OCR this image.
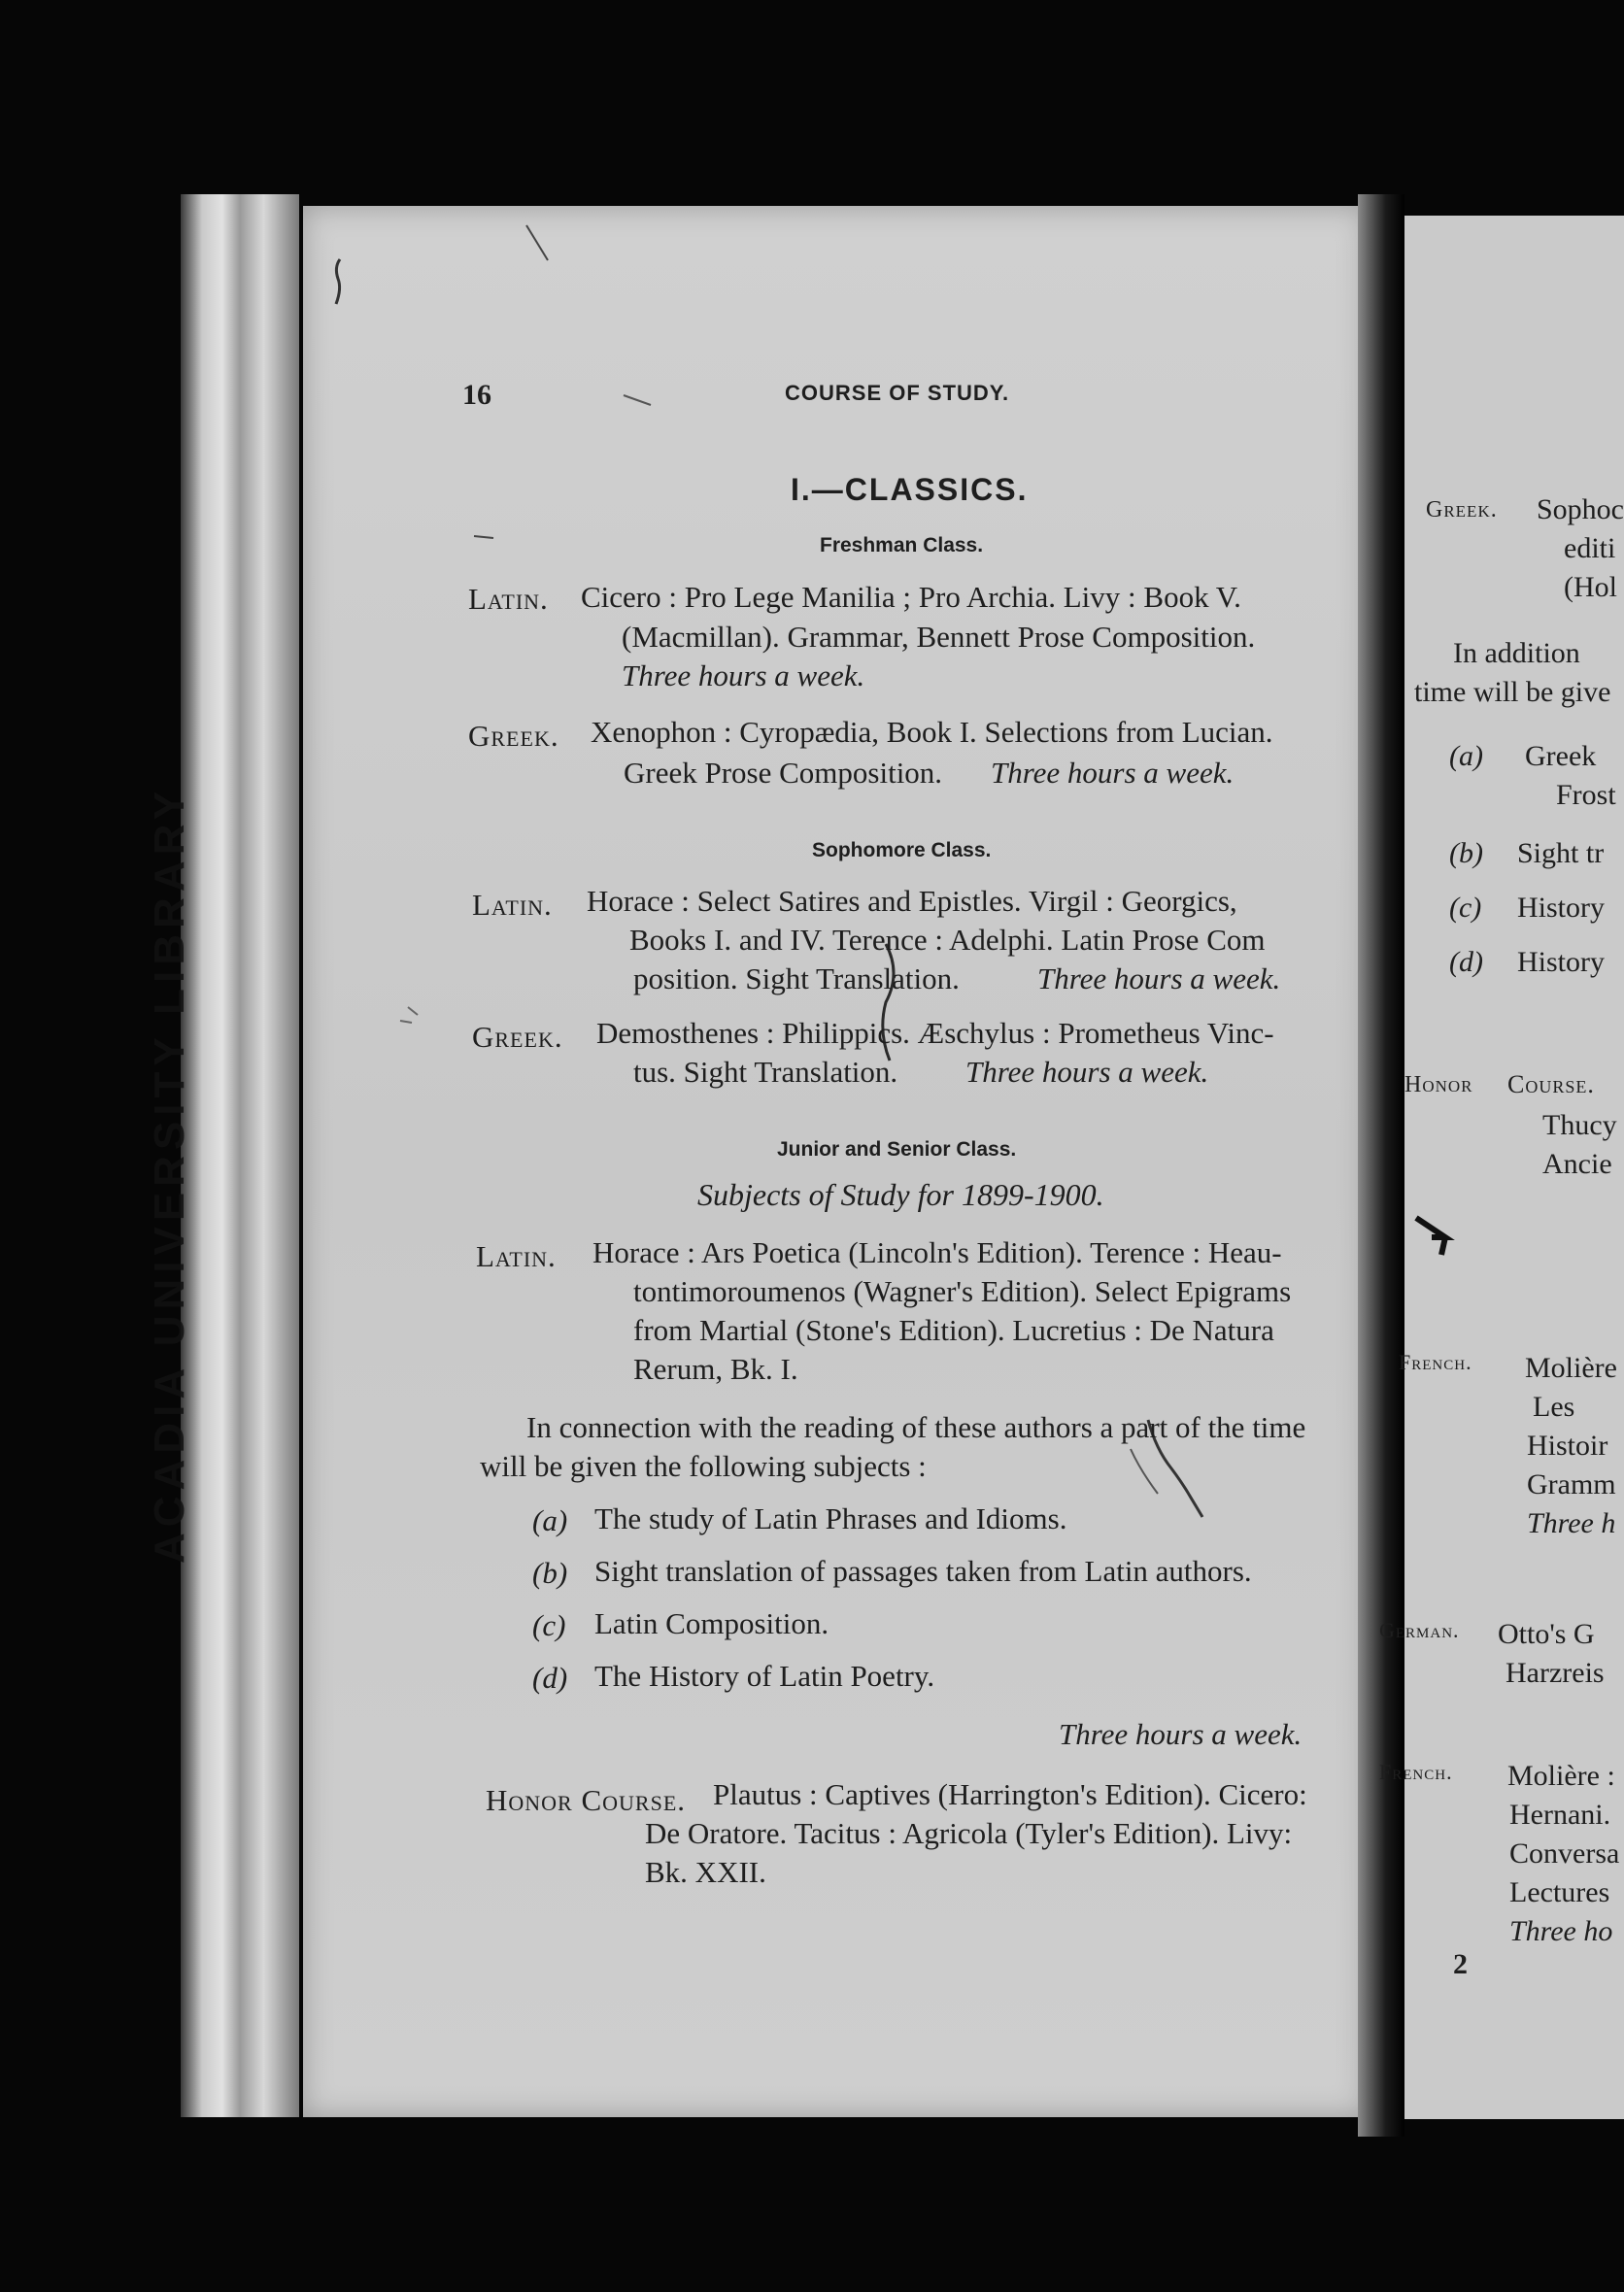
ACADIA UNIVERSITY LIBRARY
16	COURSE OF STUDY.
I.—CLASSICS.
Freshman Class.
Latin. Cicero : Pro Lege Manilia ; Pro Archia. Livy : Book V.
(Macmillan). Grammar, Bennett Prose Composition.
Three hours a week.
Greek. Xenophon : Cyropædia, Book I. Selections from Lucian.
Greek Prose Composition. Three hours a week.
Sophomore Class.
Latin. Horace : Select Satires and Epistles. Virgil : Georgics,
Books I. and IV. Terence : Adelphi. Latin Prose Com
position. Sight Translation.	Three hours a week.
Greek. Demosthenes : Philippics. Æschylus : Prometheus Vinc-
tus. Sight Translation. Three hours a week.
Junior and Senior Class.
Subjects of Study for 1899-1900.
Latin. Horace : Ars Poetica (Lincoln's Edition). Terence : Heau-
tontimoroumenos (Wagner's Edition). Select Epigrams
from Martial (Stone's Edition). Lucretius : De Natura
Rerum, Bk. I.
In connection with the reading of these authors a part of the time
will be given the following subjects :
(a) The study of Latin Phrases and Idioms.
(b) Sight translation of passages taken from Latin authors.
(c) Latin Composition.
(d) The History of Latin Poetry.
Three hours a week.
Honor Course. Plautus : Captives (Harrington's Edition). Cicero:
De Oratore. Tacitus : Agricola (Tyler's Edition). Livy:
Bk. XXII.
Greek. Sophoc
editi
(Hol
In addition
time will be give
(a) Greek
Frost
(b) Sight tr
(c) History
(d) History
Honor Course.
Thucy
Ancie
French. Molière
Les
Histoir
Gramm
Three h
German. Otto's G
Harzreis
French. Molière :
Hernani.
Conversa
Lectures
Three ho
2
